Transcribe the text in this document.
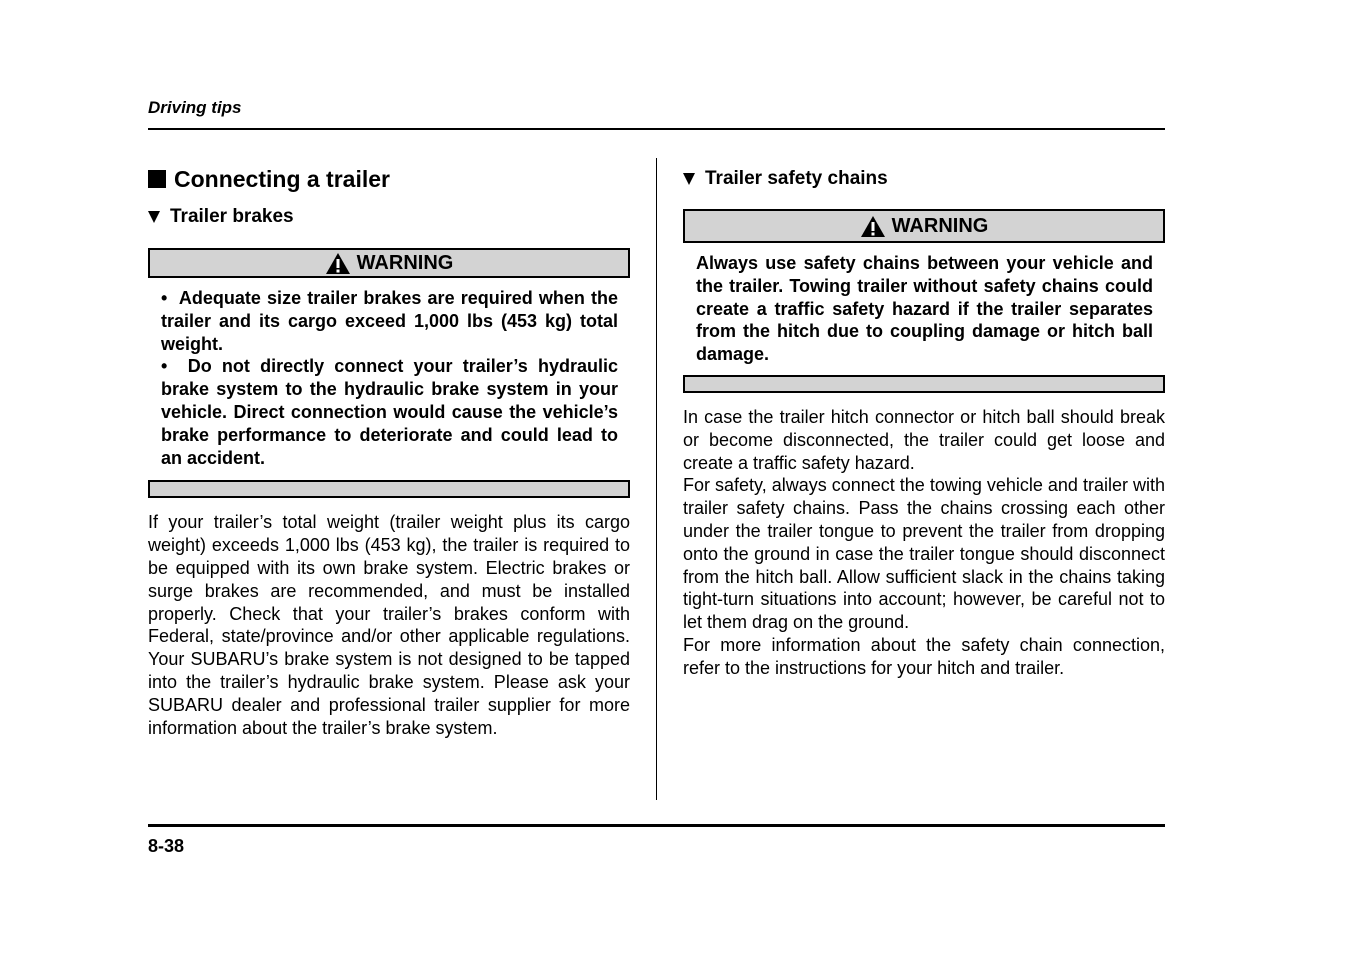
Driving tips
Connecting a trailer
Trailer brakes
WARNING

•  Adequate size trailer brakes are required when the trailer and its cargo exceed 1,000 lbs (453 kg) total weight.

•  Do not directly connect your trailer’s hydraulic brake system to the hydraulic brake system in your vehicle. Direct connection would cause the vehicle’s brake performance to deteriorate and could lead to an accident.

If your trailer’s total weight (trailer weight plus its cargo weight) exceeds 1,000 lbs (453 kg), the trailer is required to be equipped with its own brake system. Electric brakes or surge brakes are recommended, and must be installed properly. Check that your trailer’s brakes conform with Federal, state/province and/or other applicable regulations. Your SUBARU’s brake system is not designed to be tapped into the trailer’s hydraulic brake system. Please ask your SUBARU dealer and professional trailer supplier for more information about the trailer’s brake system.

Trailer safety chains
WARNING

Always use safety chains between your vehicle and the trailer. Towing trailer without safety chains could create a traffic safety hazard if the trailer separates from the hitch due to coupling damage or hitch ball damage.

In case the trailer hitch connector or hitch ball should break or become disconnected, the trailer could get loose and create a traffic safety hazard.

For safety, always connect the towing vehicle and trailer with trailer safety chains. Pass the chains crossing each other under the trailer tongue to prevent the trailer from dropping onto the ground in case the trailer tongue should disconnect from the hitch ball. Allow sufficient slack in the chains taking tight-turn situations into account; however, be careful not to let them drag on the ground.

For more information about the safety chain connection, refer to the instructions for your hitch and trailer.

8-38
